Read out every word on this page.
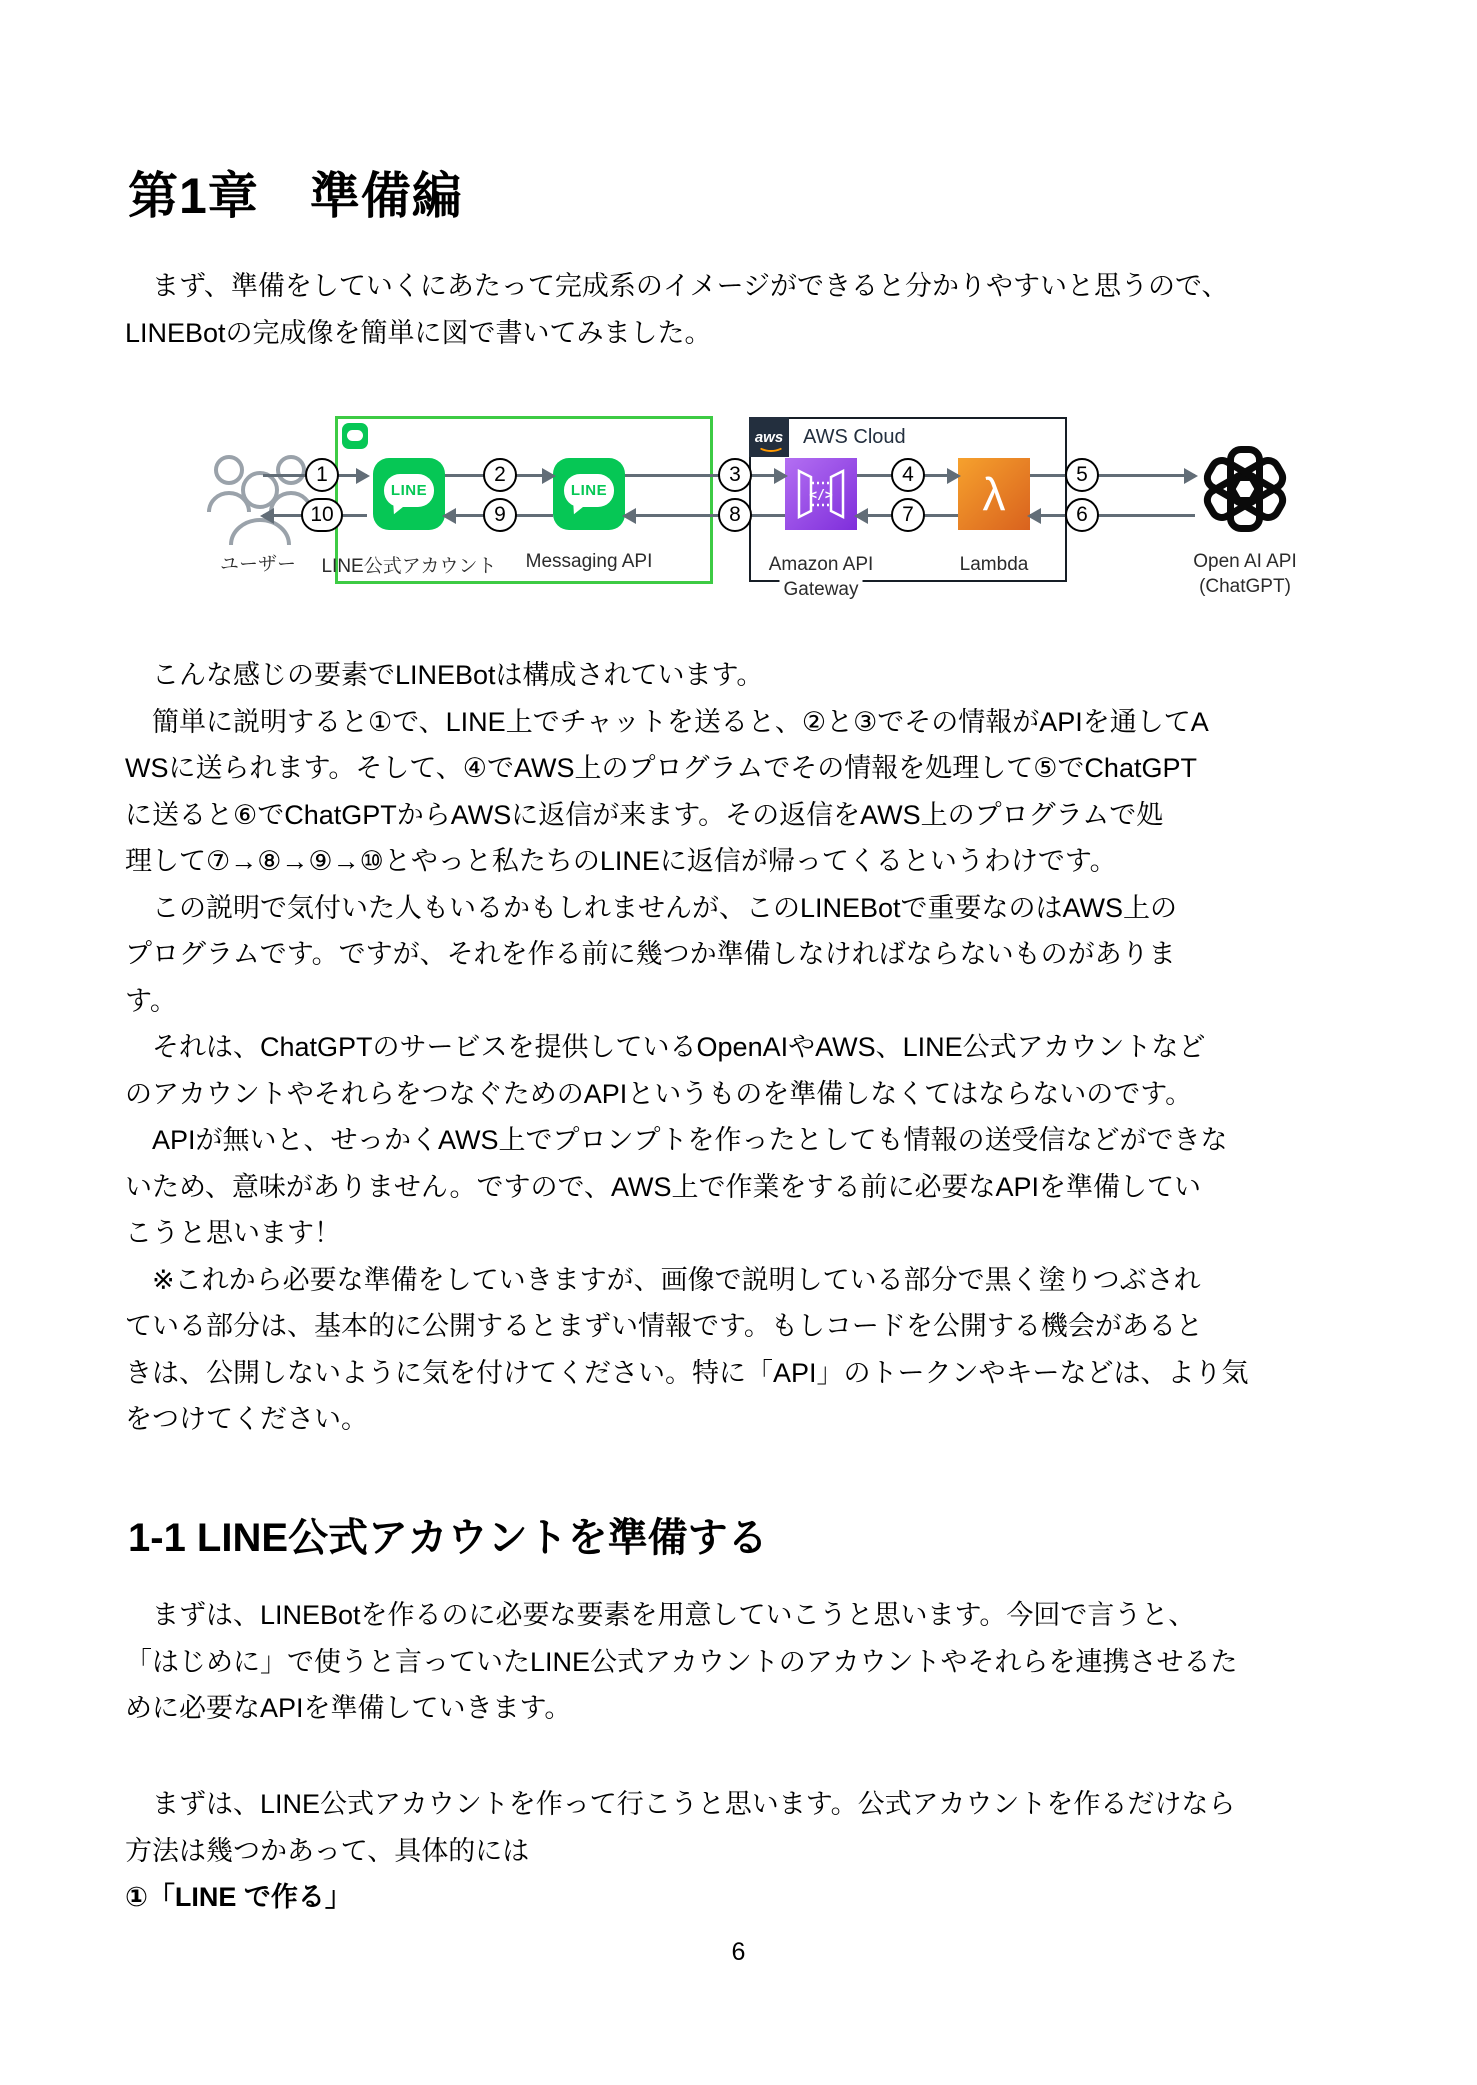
第1章　準備編
　まず、準備をしていくにあたって完成系のイメージができると分かりやすいと思うので、
LINEBotの完成像を簡単に図で書いてみました。
ユーザー
LINE
LINE公式アカウント
LINE
Messaging API
aws AWS Cloud
</>
Amazon API
Gateway
λ
Lambda	Open AI API
(ChatGPT)
1	2	3	4	5
6
7
8
9
10
　こんな感じの要素でLINEBotは構成されています。
　簡単に説明すると①で、LINE上でチャットを送ると、②と③でその情報がAPIを通してA
WSに送られます。そして、④でAWS上のプログラムでその情報を処理して⑤でChatGPT
に送ると⑥でChatGPTからAWSに返信が来ます。その返信をAWS上のプログラムで処
理して⑦→⑧→⑨→⑩とやっと私たちのLINEに返信が帰ってくるというわけです。
　この説明で気付いた人もいるかもしれませんが、このLINEBotで重要なのはAWS上の
プログラムです。ですが、それを作る前に幾つか準備しなければならないものがありま
す。
　それは、ChatGPTのサービスを提供しているOpenAIやAWS、LINE公式アカウントなど
のアカウントやそれらをつなぐためのAPIというものを準備しなくてはならないのです。
　APIが無いと、せっかくAWS上でプロンプトを作ったとしても情報の送受信などができな
いため、意味がありません。ですので、AWS上で作業をする前に必要なAPIを準備してい
こうと思います！
　※これから必要な準備をしていきますが、画像で説明している部分で黒く塗りつぶされ
ている部分は、基本的に公開するとまずい情報です。もしコードを公開する機会があると
きは、公開しないように気を付けてください。特に「API」のトークンやキーなどは、より気
をつけてください。
1-1 LINE公式アカウントを準備する
　まずは、LINEBotを作るのに必要な要素を用意していこうと思います。今回で言うと、
「はじめに」で使うと言っていたLINE公式アカウントのアカウントやそれらを連携させるた
めに必要なAPIを準備していきます。
　まずは、LINE公式アカウントを作って行こうと思います。公式アカウントを作るだけなら
方法は幾つかあって、具体的には
①「LINE で作る」
6
